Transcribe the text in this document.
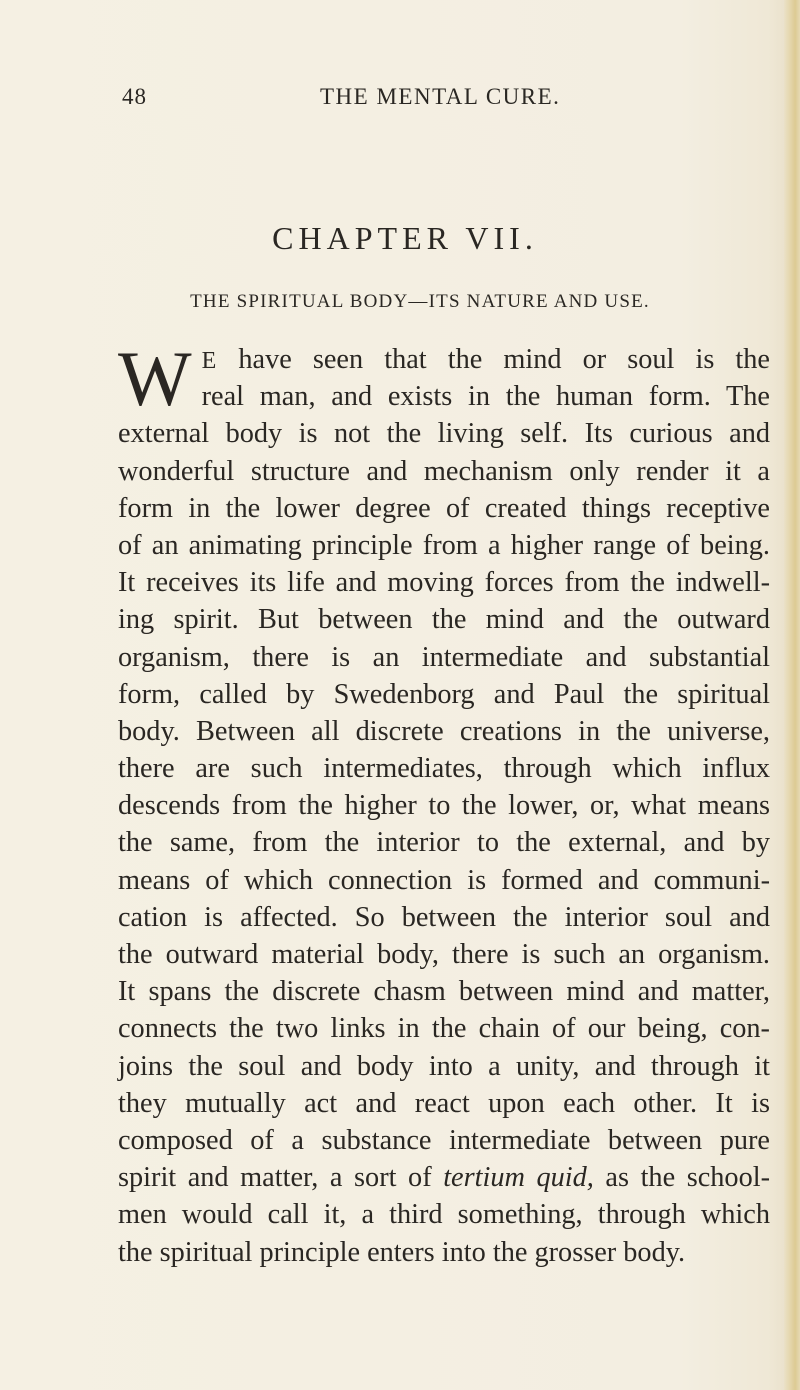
48	THE MENTAL CURE.
CHAPTER VII.
THE SPIRITUAL BODY—ITS NATURE AND USE.
W E have seen that the mind or soul is the
real man, and exists in the human form. The
external body is not the living self. Its curious and
wonderful structure and mechanism only render it a
form in the lower degree of created things receptive
of an animating principle from a higher range of being.
It receives its life and moving forces from the indwell-
ing spirit. But between the mind and the outward
organism, there is an intermediate and substantial
form, called by Swedenborg and Paul the spiritual
body. Between all discrete creations in the universe,
there are such intermediates, through which influx
descends from the higher to the lower, or, what means
the same, from the interior to the external, and by
means of which connection is formed and communi-
cation is affected. So between the interior soul and
the outward material body, there is such an organism.
It spans the discrete chasm between mind and matter,
connects the two links in the chain of our being, con-
joins the soul and body into a unity, and through it
they mutually act and react upon each other. It is
composed of a substance intermediate between pure
spirit and matter, a sort of tertium quid, as the school-
men would call it, a third something, through which
the spiritual principle enters into the grosser body.
